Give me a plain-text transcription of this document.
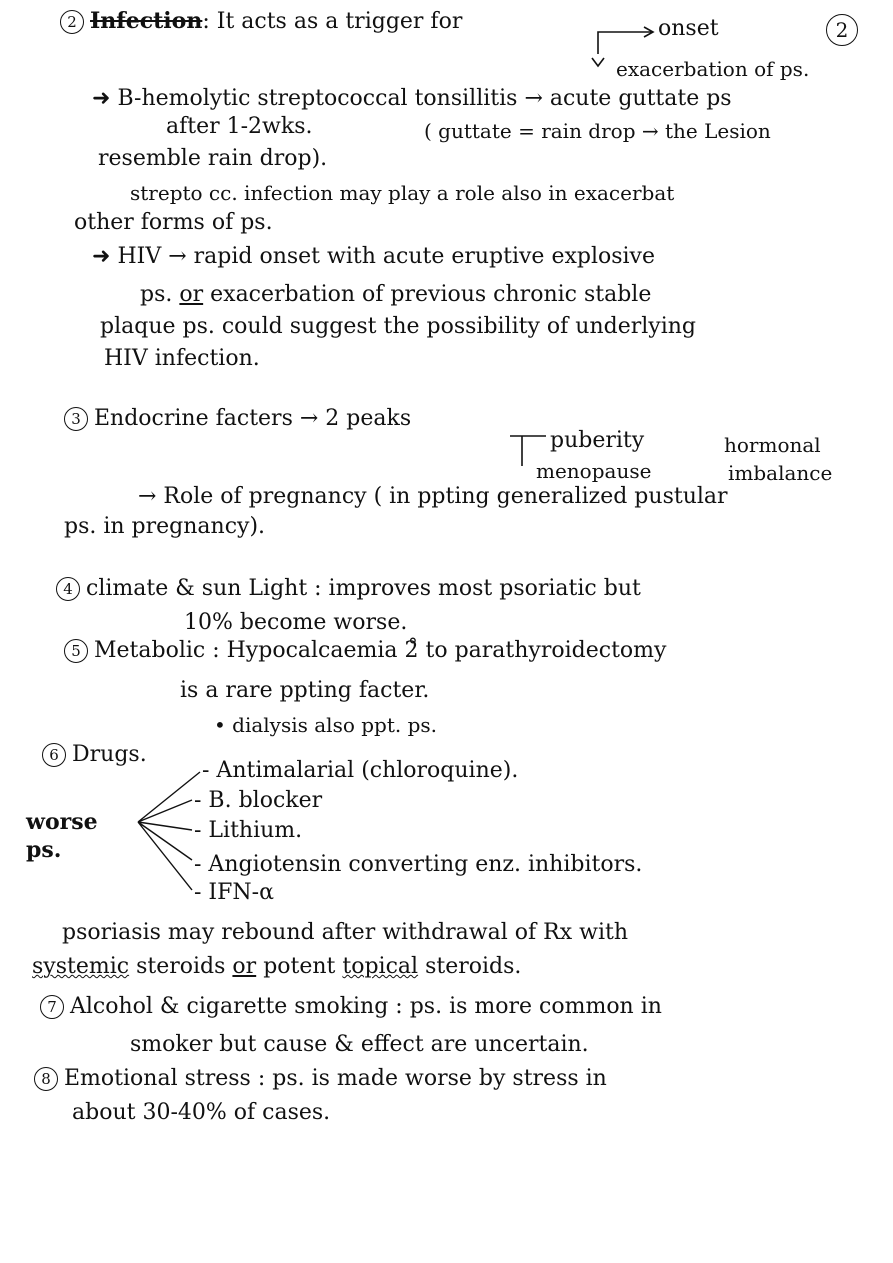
2
2 Infection: It acts as a trigger for	onset
exacerbation of ps.
➜ B-hemolytic streptococcal tonsillitis → acute guttate ps
after 1-2wks.	( guttate = rain drop → the Lesion
resemble rain drop).
strepto cc. infection may play a role also in exacerbat
other forms of ps.
➜ HIV → rapid onset with acute eruptive explosive
ps. or exacerbation of previous chronic stable
plaque ps. could suggest the possibility of underlying
HIV infection.
3 Endocrine facters → 2 peaks
puberity
menopause
hormonal
imbalance
→ Role of pregnancy ( in ppting generalized pustular
ps. in pregnancy).
4 climate & sun Light : improves most psoriatic but
10% become worse.
5 Metabolic : Hypocalcaemia 2̊ to parathyroidectomy
is a rare ppting facter.
• dialysis also ppt. ps.
6 Drugs.
- Antimalarial (chloroquine).
- B. blocker
- Lithium.
- Angiotensin converting enz. inhibitors.
- IFN-α
worse
ps.
psoriasis may rebound after withdrawal of Rx with
systemic steroids or potent topical steroids.
7 Alcohol & cigarette smoking : ps. is more common in
smoker but cause & effect are uncertain.
8 Emotional stress : ps. is made worse by stress in
about 30-40% of cases.
